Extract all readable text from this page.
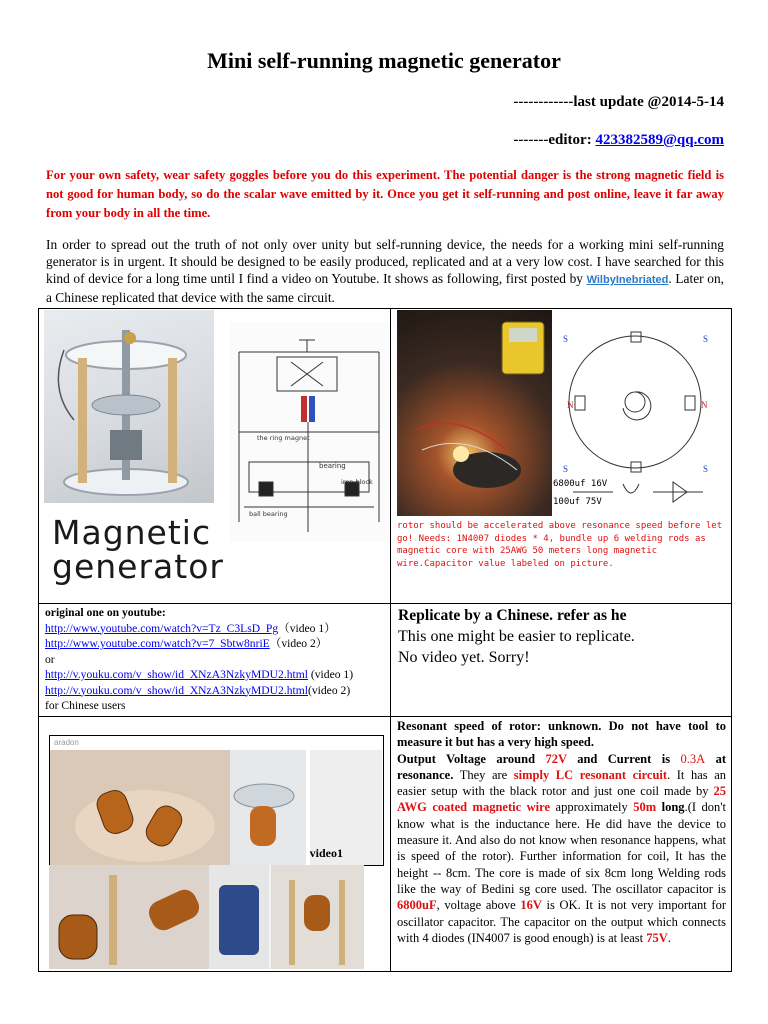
Mini self-running magnetic generator
------------last update @2014-5-14
-------editor: 423382589@qq.com
For your own safety, wear safety goggles before you do this experiment. The potential danger is the strong magnetic field is not good for human body, so do the scalar wave emitted by it. Once you get it self-running and post online, leave it far away from your body in all the time.
In order to spread out the truth of not only over unity but self-running device, the needs for a working mini self-running generator is in urgent. It should be designed to be easily produced, replicated and at a very low cost. I have searched for this kind of device for a long time until I find a video on Youtube. It shows as following, first posted by WilbyInebriated. Later on, a Chinese replicated that device with the same circuit.
the ring magnet
bearing
iron block
ball bearing
Magnetic
generator
S	S
N	N
S	S
6800uf 16V
100uf 75V
rotor should be accelerated above resonance speed before let go! Needs: 1N4007 diodes * 4, bundle up 6 welding rods as magnetic core with 25AWG 50 meters long magnetic wire.Capacitor value labeled on picture.
original one on youtube:
http://www.youtube.com/watch?v=Tz_C3LsD_Pg（video 1）
http://www.youtube.com/watch?v=7_Sbtw8nriE（video 2）
or
http://v.youku.com/v_show/id_XNzA3NzkyMDU2.html (video 1)
http://v.youku.com/v_show/id_XNzA3NzkyMDU2.html(video 2)
for Chinese users
Replicate by a Chinese. refer as he
This one might be easier to replicate.
No video yet. Sorry!
aradon
video1
Resonant speed of rotor: unknown. Do not have tool to measure it but has a very high speed.
Output Voltage around 72V and Current is 0.3A at resonance. They are simply LC resonant circuit. It has an easier setup with the black rotor and just one coil made by 25 AWG coated magnetic wire approximately 50m long.(I don't know what is the inductance here. He did have the device to measure it. And also do not know when resonance happens, what is speed of the rotor). Further information for coil, It has the height -- 8cm. The core is made of six 8cm long Welding rods like the way of Bedini sg core used. The oscillator capacitor is 6800uF, voltage above 16V is OK. It is not very important for oscillator capacitor. The capacitor on the output which connects with 4 diodes (IN4007 is good enough) is at least 75V.
